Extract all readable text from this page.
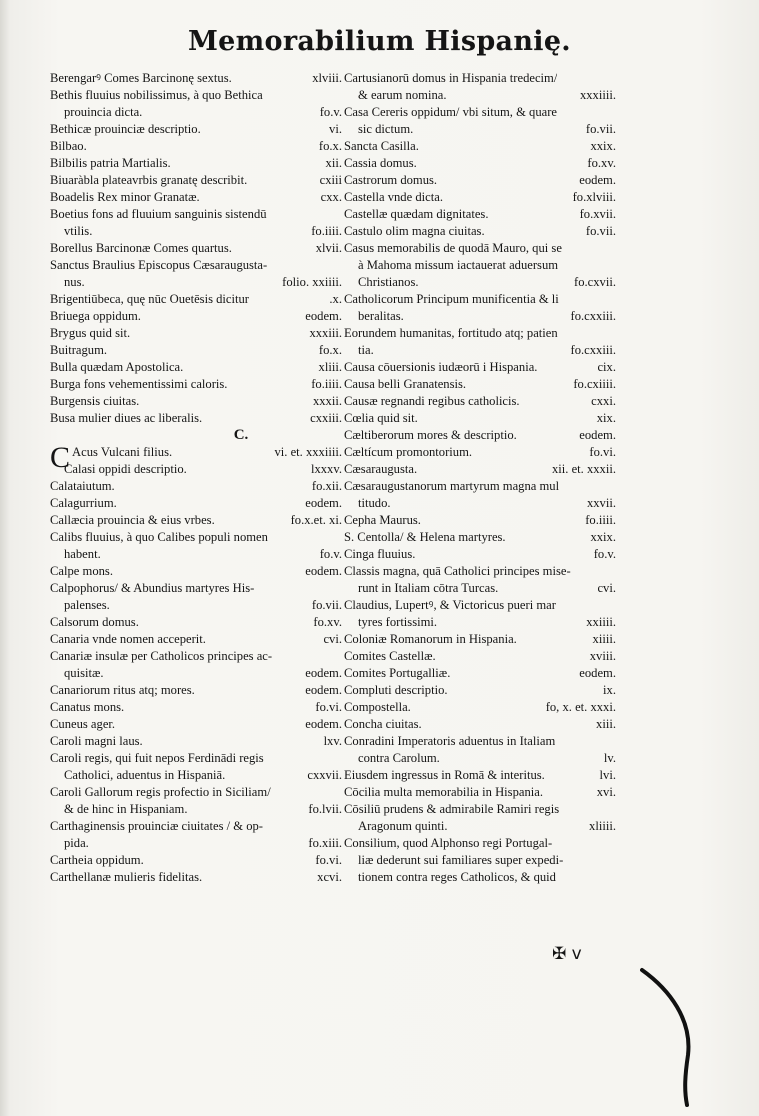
Memorabilium Hispanię.
Berengarꝰ Comes Barcinonę sextus.	xlviii.
Bethis fluuius nobilissimus, à quo Bethica
prouincia dicta.	fo.v.
Bethicæ prouinciæ descriptio.	vi.
Bilbao.	fo.x.
Bilbilis patria Martialis.	xii.
Biuaràbla plateavrbis granatę describit.	cxiii
Boadelis Rex minor Granatæ.	cxx.
Boetius fons ad fluuium sanguinis sistendū
vtilis.	fo.iiii.
Borellus Barcinonæ Comes quartus.	xlvii.
Sanctus Braulius Episcopus Cæsaraugusta-
nus.	folio. xxiiii.
Brigentiūbeca, quę nūc Ouetēsis dicitur	.x.
Briuega oppidum.	eodem.
Brygus quid sit.	xxxiii.
Buitragum.	fo.x.
Bulla quædam Apostolica.	xliii.
Burga fons vehementissimi caloris.	fo.iiii.
Burgensis ciuitas.	xxxii.
Busa mulier diues ac liberalis.	cxxiii.
C.
C Acus Vulcani filius.	vi. et. xxxiiii.
Calasi oppidi descriptio.	lxxxv.
Calataiutum.	fo.xii.
Calagurrium.	eodem.
Callæcia prouincia & eius vrbes.	fo.x.et. xi.
Calibs fluuius, à quo Calibes populi nomen
habent.	fo.v.
Calpe mons.	eodem.
Calpophorus/ & Abundius martyres His-
palenses.	fo.vii.
Calsorum domus.	fo.xv.
Canaria vnde nomen acceperit.	cvi.
Canariæ insulæ per Catholicos principes ac-
quisitæ.	eodem.
Canariorum ritus atq; mores.	eodem.
Canatus mons.	fo.vi.
Cuneus ager.	eodem.
Caroli magni laus.	lxv.
Caroli regis, qui fuit nepos Ferdinādi regis
Catholici, aduentus in Hispaniā.	cxxvii.
Caroli Gallorum regis profectio in Siciliam/
& de hinc in Hispaniam.	fo.lvii.
Carthaginensis prouinciæ ciuitates / & op-
pida.	fo.xiii.
Cartheia oppidum.	fo.vi.
Carthellanæ mulieris fidelitas.	xcvi.
Cartusianorū domus in Hispania tredecim/
& earum nomina.	xxxiiii.
Casa Cereris oppidum/ vbi situm, & quare
sic dictum.	fo.vii.
Sancta Casilla.	xxix.
Cassia domus.	fo.xv.
Castrorum domus.	eodem.
Castella vnde dicta.	fo.xlviii.
Castellæ quædam dignitates.	fo.xvii.
Castulo olim magna ciuitas.	fo.vii.
Casus memorabilis de quodā Mauro, qui se
à Mahoma missum iactauerat aduersum
Christianos.	fo.cxvii.
Catholicorum Principum munificentia & li
beralitas.	fo.cxxiii.
Eorundem humanitas, fortitudo atq; patien
tia.	fo.cxxiii.
Causa cōuersionis iudæorū i Hispania.	cix.
Causa belli Granatensis.	fo.cxiiii.
Causæ regnandi regibus catholicis.	cxxi.
Cœlia quid sit.	xix.
Cæltiberorum mores & descriptio.	eodem.
Cæltícum promontorium.	fo.vi.
Cæsaraugusta.	xii. et. xxxii.
Cæsaraugustanorum martyrum magna mul
titudo.	xxvii.
Cepha Maurus.	fo.iiii.
S. Centolla/ & Helena martyres.	xxix.
Cinga fluuius.	fo.v.
Classis magna, quā Catholici principes mise-
runt in Italiam cōtra Turcas.	cvi.
Claudius, Lupertꝰ, & Victoricus pueri mar
tyres fortissimi.	xxiiii.
Coloniæ Romanorum in Hispania.	xiiii.
Comites Castellæ.	xviii.
Comites Portugalliæ.	eodem.
Compluti descriptio.	ix.
Compostella.	fo, x. et. xxxi.
Concha ciuitas.	xiii.
Conradini Imperatoris aduentus in Italiam
contra Carolum.	lv.
Eiusdem ingressus in Romā & interitus.	lvi.
Cōcilia multa memorabilia in Hispania.	xvi.
Cōsiliū prudens & admirabile Ramiri regis
Aragonum quinti.	xliiii.
Consilium, quod Alphonso regi Portugal-
liæ dederunt sui familiares super expedi-
tionem contra reges Catholicos, & quid
✠ v
